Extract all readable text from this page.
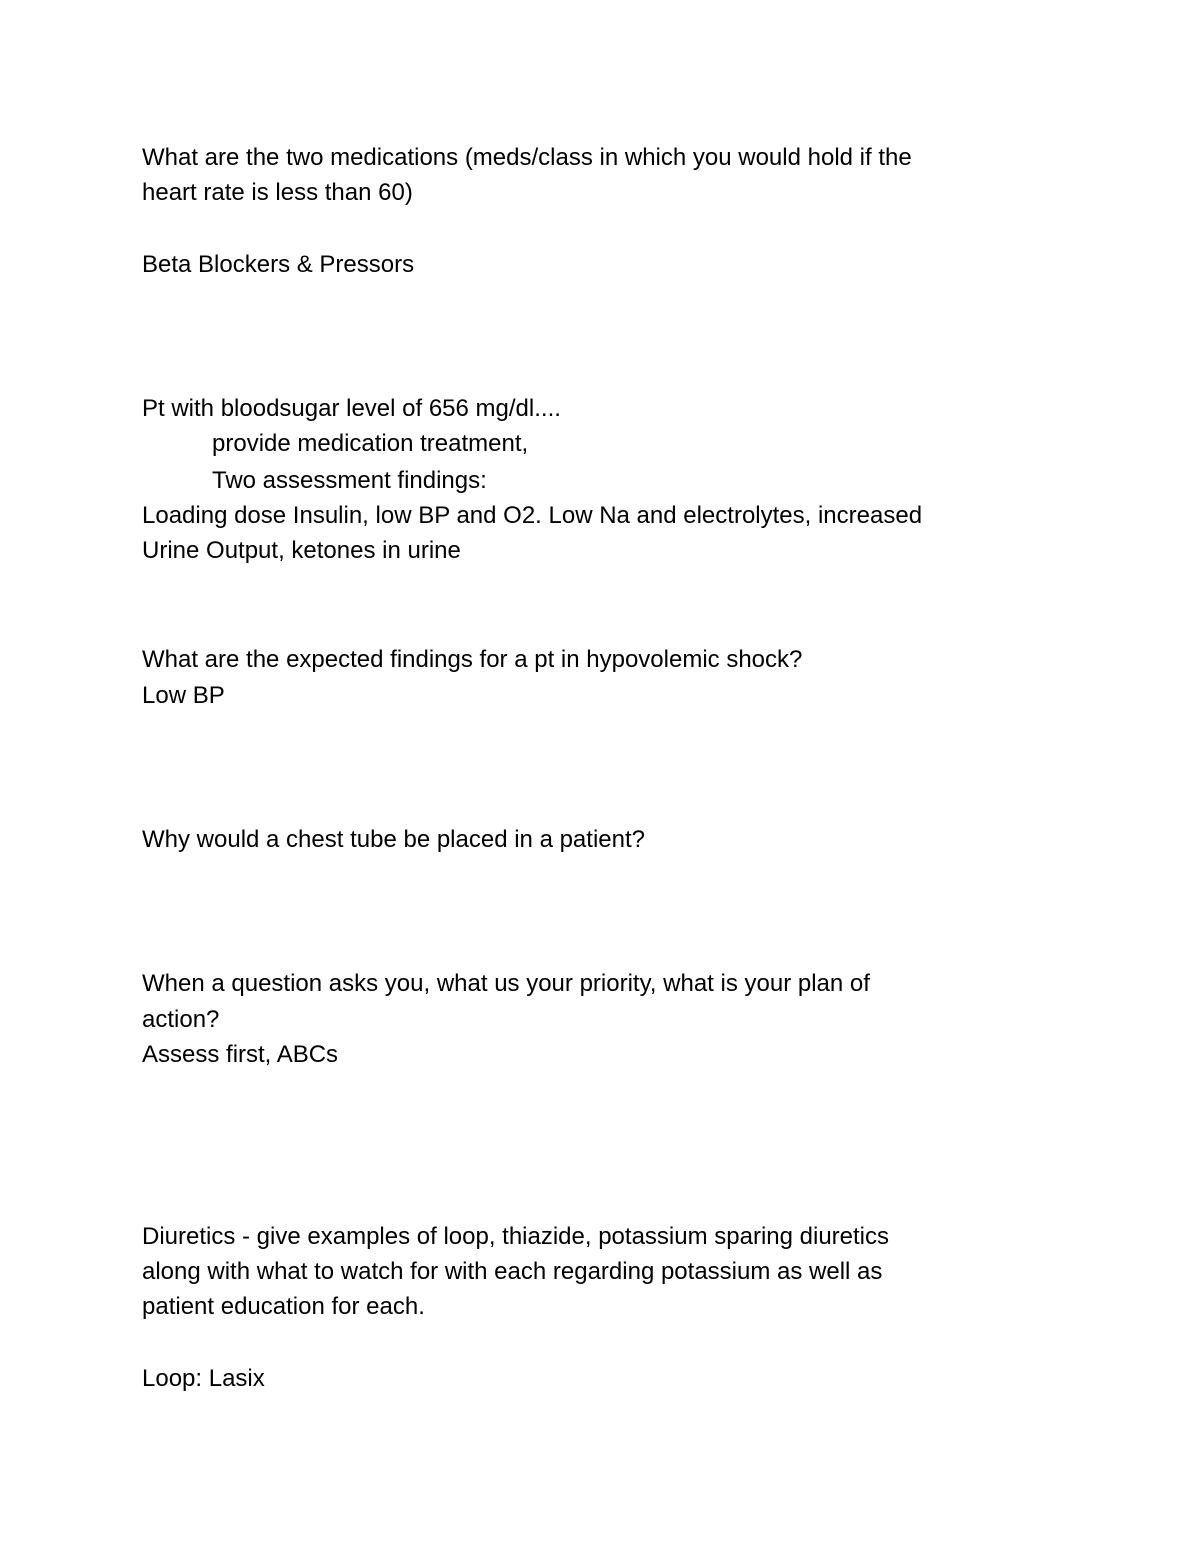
What are the two medications (meds/class in which you would hold if the
heart rate is less than 60)
Beta Blockers & Pressors
Pt with bloodsugar level of 656 mg/dl....
provide medication treatment,
Two assessment findings:
Loading dose Insulin, low BP and O2. Low Na and electrolytes, increased
Urine Output, ketones in urine
What are the expected findings for a pt in hypovolemic shock?
Low BP
Why would a chest tube be placed in a patient?
When a question asks you, what us your priority, what is your plan of
action?
Assess first, ABCs
Diuretics - give examples of loop, thiazide, potassium sparing diuretics
along with what to watch for with each regarding potassium as well as
patient education for each.
Loop: Lasix
